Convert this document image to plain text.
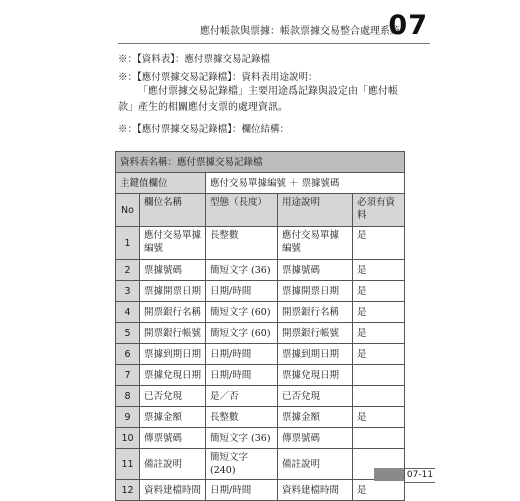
應付帳款與票據：帳款票據交易整合處理系統
07
※：【資料表】：應付票據交易記錄檔
※：【應付票據交易記錄檔】：資料表用途說明：
「應付票據交易記錄檔」主要用途爲記錄與設定由「應付帳款」產生的相關應付支票的處理資訊。
※：【應付票據交易記錄檔】：欄位結構：
資料表名稱：應付票據交易記錄檔				
主鍵值欄位		應付交易單據編號 ＋ 票據號碼		
No	欄位名稱	型態（長度）	用途說明	必須有資料
1	應付交易單據編號	長整數	應付交易單據編號	是
2	票據號碼	簡短文字 (36)	票據號碼	是
3	票據開票日期	日期/時間	票據開票日期	是
4	開票銀行名稱	簡短文字 (60)	開票銀行名稱	是
5	開票銀行帳號	簡短文字 (60)	開票銀行帳號	是
6	票據到期日期	日期/時間	票據到期日期	是
7	票據兌現日期	日期/時間	票據兌現日期	
8	已否兌現	是／否	已否兌現	
9	票據金額	長整數	票據金額	是
10	傳票號碼	簡短文字 (36)	傳票號碼	
11	備註說明	簡短文字 (240)	備註說明	
12	資料建檔時間	日期/時間	資料建檔時間	是
07-11
